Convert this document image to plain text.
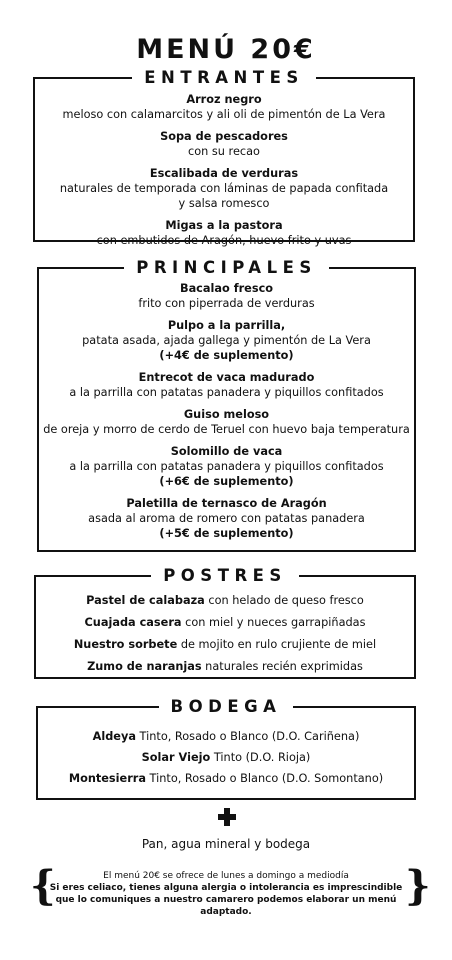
MENÚ 20€
ENTRANTES
Arroz negro
meloso con calamarcitos y ali oli de pimentón de La Vera
Sopa de pescadores
con su recao
Escalibada de verduras
naturales de temporada con láminas de papada confitada
y salsa romesco
Migas a la pastora
con embutidos de Aragón, huevo frito y uvas
PRINCIPALES
Bacalao fresco
frito con piperrada de verduras
Pulpo a la parrilla,
patata asada, ajada gallega y pimentón de La Vera
(+4€ de suplemento)
Entrecot de vaca madurado
a la parrilla con patatas panadera y piquillos confitados
Guiso meloso
de oreja y morro de cerdo de Teruel con huevo baja temperatura
Solomillo de vaca
a la parrilla con patatas panadera y piquillos confitados
(+6€ de suplemento)
Paletilla de ternasco de Aragón
asada al aroma de romero con patatas panadera
(+5€ de suplemento)
POSTRES
Pastel de calabaza con helado de queso fresco
Cuajada casera con miel y nueces garrapiñadas
Nuestro sorbete de mojito en rulo crujiente de miel
Zumo de naranjas naturales recién exprimidas
BODEGA
Aldeya Tinto, Rosado o Blanco (D.O. Cariñena)
Solar Viejo Tinto (D.O. Rioja)
Montesierra Tinto, Rosado o Blanco (D.O. Somontano)
Pan, agua mineral y bodega
{	}
El menú 20€ se ofrece de lunes a domingo a mediodía
Si eres celiaco, tienes alguna alergia o intolerancia es imprescindible
que lo comuniques a nuestro camarero podemos elaborar un menú adaptado.
